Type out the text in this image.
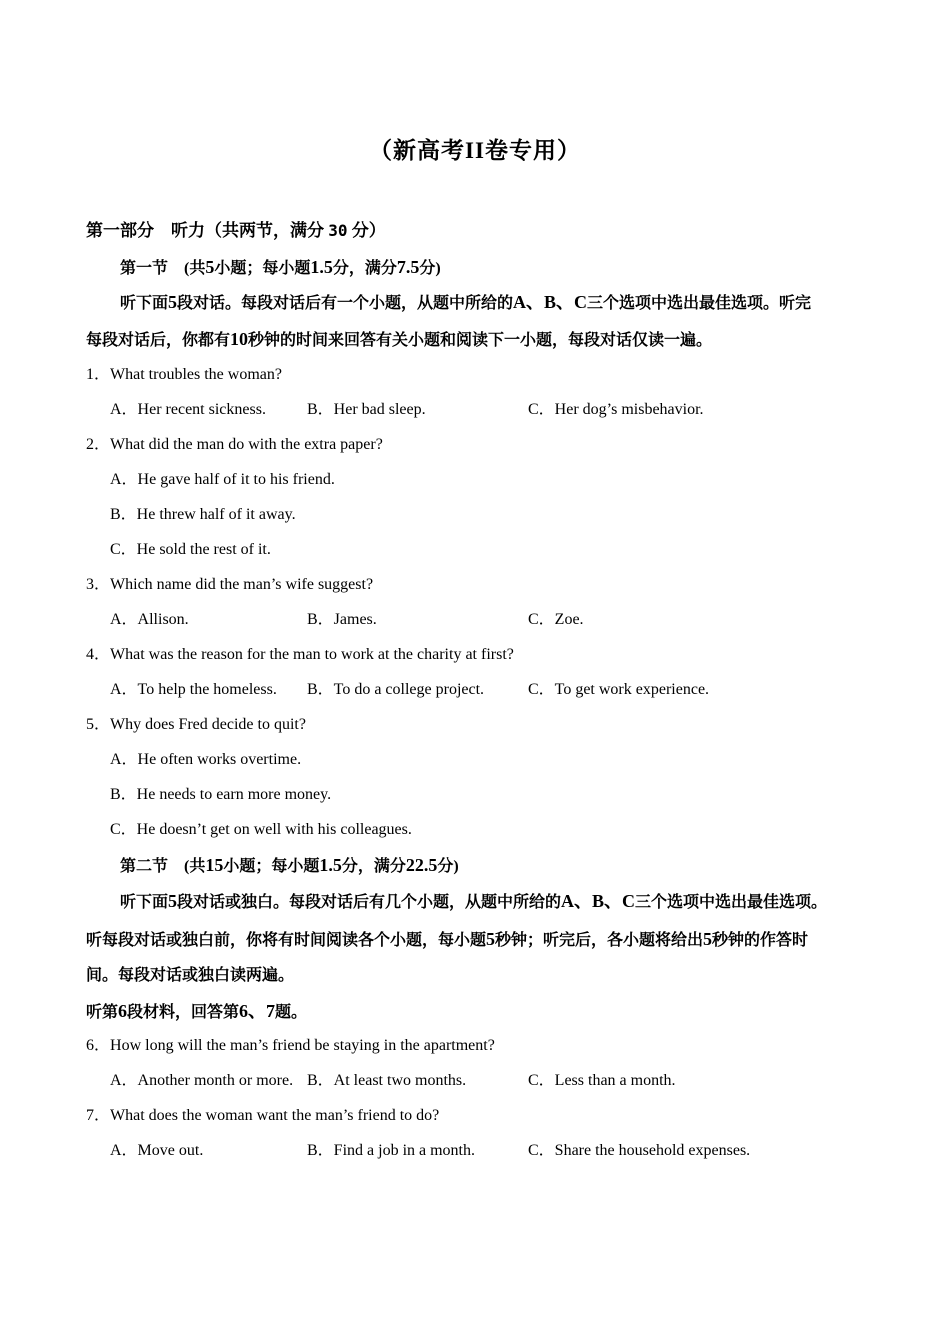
（新高考II卷专用）
第一部分　听力（共两节，满分 30 分）
第一节　(共5小题；每小题1.5分，满分7.5分)
听下面5段对话。每段对话后有一个小题，从题中所给的A、B、C三个选项中选出最佳选项。听完
每段对话后，你都有10秒钟的时间来回答有关小题和阅读下一小题，每段对话仅读一遍。
1．What troubles the woman?
A．Her recent sickness.	B．Her bad sleep.	C．Her dog’s misbehavior.
2．What did the man do with the extra paper?
A．He gave half of it to his friend.
B．He threw half of it away.
C．He sold the rest of it.
3．Which name did the man’s wife suggest?
A．Allison.	B．James.	C．Zoe.
4．What was the reason for the man to work at the charity at first?
A．To help the homeless. B．To do a college project.	C．To get work experience.
5．Why does Fred decide to quit?
A．He often works overtime.
B．He needs to earn more money.
C．He doesn’t get on well with his colleagues.
第二节　(共15小题；每小题1.5分，满分22.5分)
听下面5段对话或独白。每段对话后有几个小题，从题中所给的A、B、C三个选项中选出最佳选项。
听每段对话或独白前，你将有时间阅读各个小题，每小题5秒钟；听完后，各小题将给出5秒钟的作答时
间。每段对话或独白读两遍。
听第6段材料，回答第6、7题。
6．How long will the man’s friend be staying in the apartment?
A．Another month or more. B．At least two months.	C．Less than a month.
7．What does the woman want the man’s friend to do?
A．Move out.	B．Find a job in a month.	C．Share the household expenses.
